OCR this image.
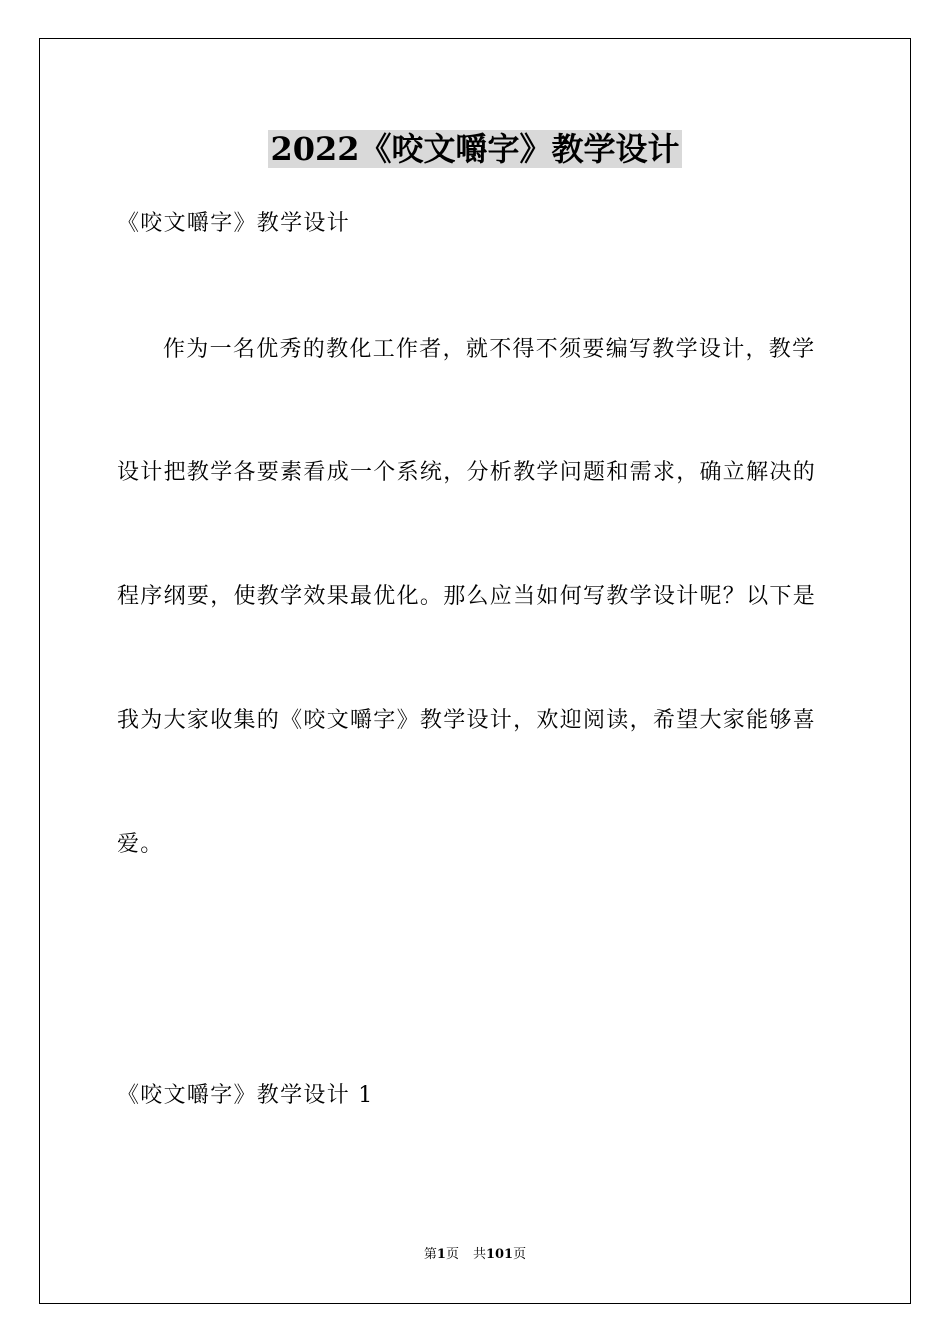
2022《咬文嚼字》教学设计

《咬文嚼字》教学设计

作为一名优秀的教化工作者，就不得不须要编写教学设计，教学

设计把教学各要素看成一个系统，分析教学问题和需求，确立解决的

程序纲要，使教学效果最优化。那么应当如何写教学设计呢？以下是

我为大家收集的《咬文嚼字》教学设计，欢迎阅读，希望大家能够喜

爱。

《咬文嚼字》教学设计 1

第1页 共101页
